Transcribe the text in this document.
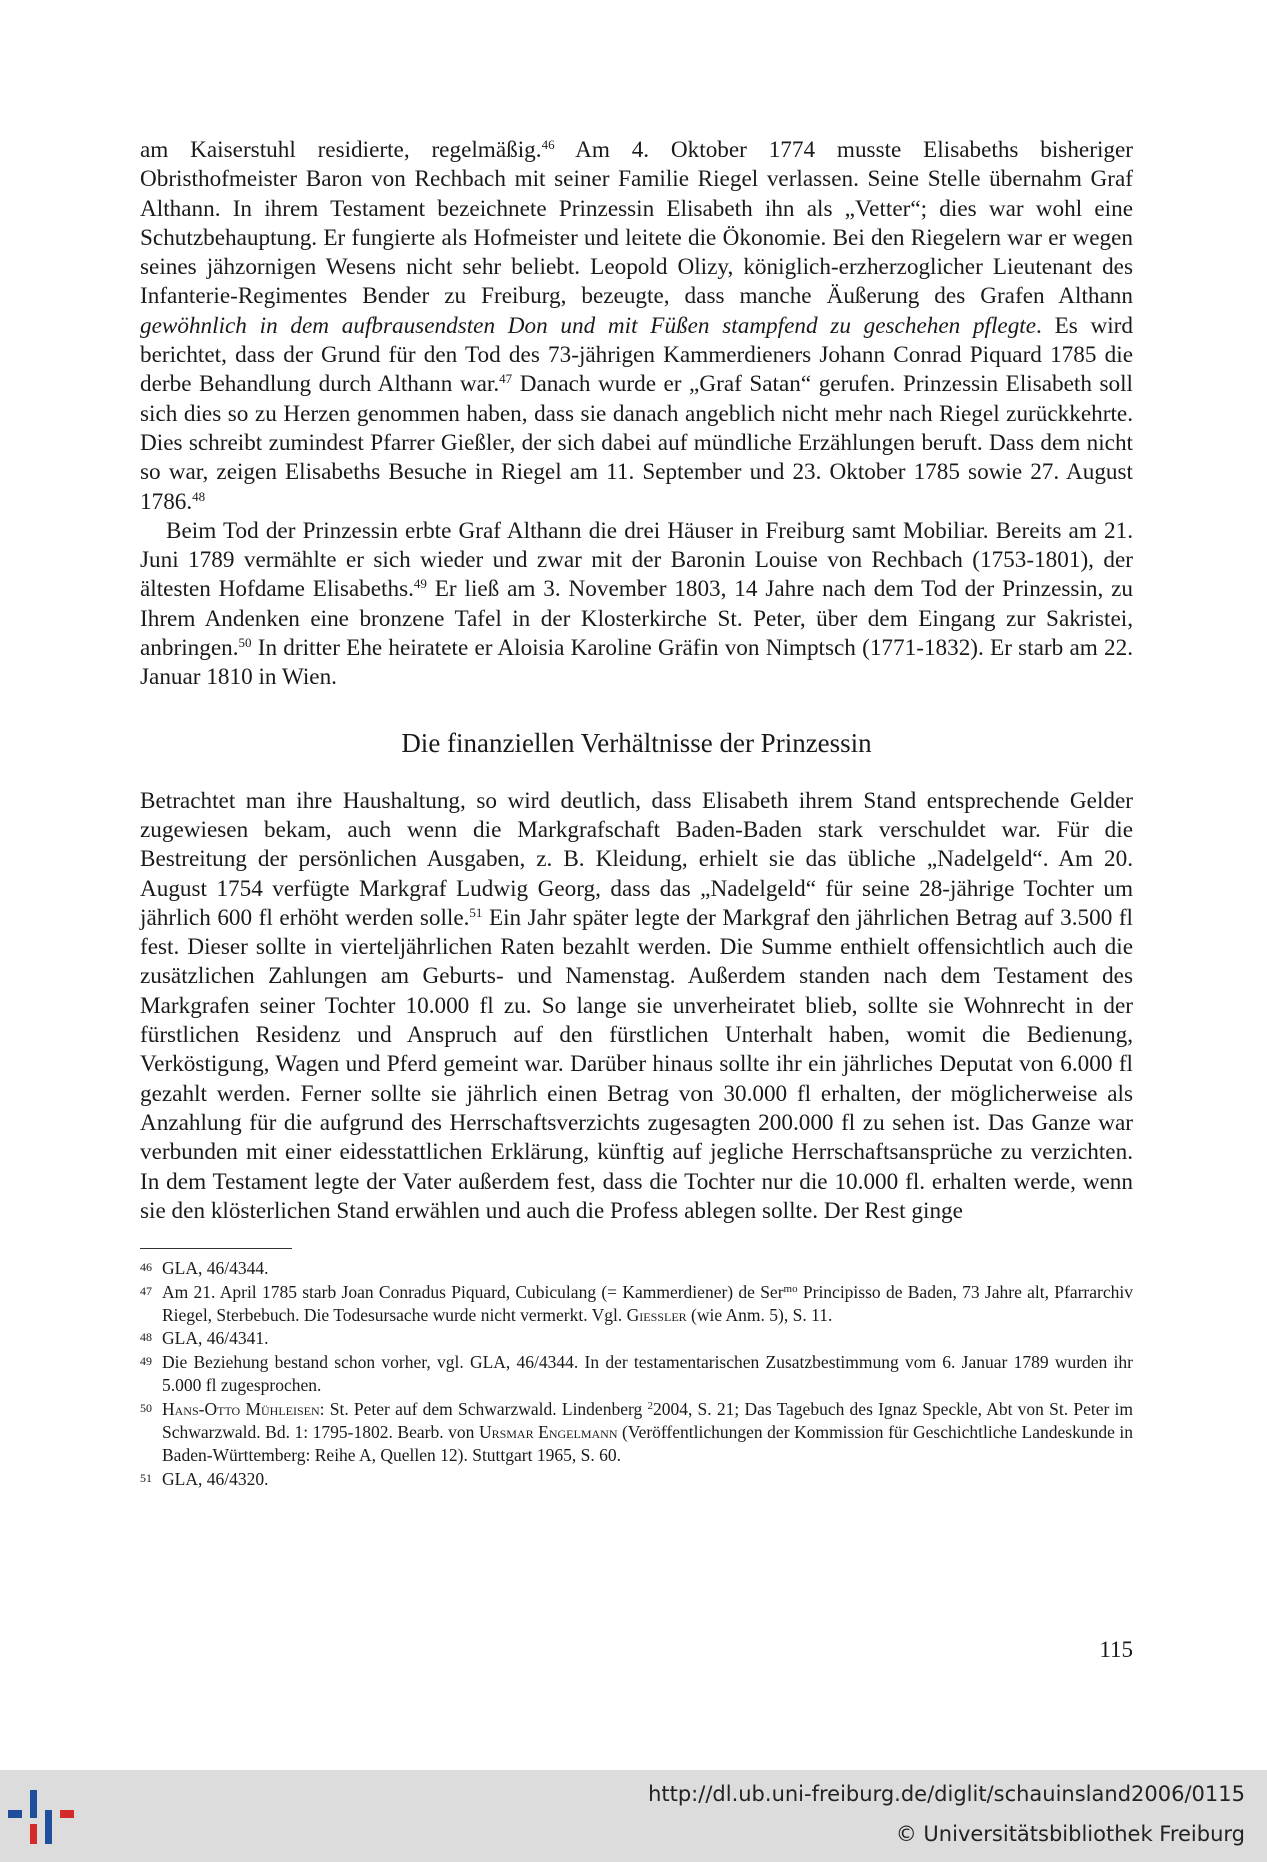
am Kaiserstuhl residierte, regelmäßig.$^{46}$ Am 4. Oktober 1774 musste Elisabeths bisheriger Obristhofmeister Baron von Rechbach mit seiner Familie Riegel verlassen. Seine Stelle übernahm Graf Althann. In ihrem Testament bezeichnete Prinzessin Elisabeth ihn als „Vetter“; dies war wohl eine Schutzbehauptung. Er fungierte als Hofmeister und leitete die Ökonomie. Bei den Riegelern war er wegen seines jähzornigen Wesens nicht sehr beliebt. Leopold Olizy, königlich-erzherzoglicher Lieutenant des Infanterie-Regimentes Bender zu Freiburg, bezeugte, dass manche Äußerung des Grafen Althann gewöhnlich in dem aufbrausendsten Don und mit Füßen stampfend zu geschehen pflegte. Es wird berichtet, dass der Grund für den Tod des 73-jährigen Kammerdieners Johann Conrad Piquard 1785 die derbe Behandlung durch Althann war.$^{47}$ Danach wurde er „Graf Satan“ gerufen. Prinzessin Elisabeth soll sich dies so zu Herzen genommen haben, dass sie danach angeblich nicht mehr nach Riegel zurückkehrte. Dies schreibt zumindest Pfarrer Gießler, der sich dabei auf mündliche Erzählungen beruft. Dass dem nicht so war, zeigen Elisabeths Besuche in Riegel am 11. September und 23. Oktober 1785 sowie 27. August 1786.48

Beim Tod der Prinzessin erbte Graf Althann die drei Häuser in Freiburg samt Mobiliar. Bereits am 21. Juni 1789 vermählte er sich wieder und zwar mit der Baronin Louise von Rechbach (1753-1801), der ältesten Hofdame Elisabeths.$^{49}$ Er ließ am 3. November 1803, 14 Jahre nach dem Tod der Prinzessin, zu Ihrem Andenken eine bronzene Tafel in der Klosterkirche St. Peter, über dem Eingang zur Sakristei, anbringen.$^{50}$ In dritter Ehe heiratete er Aloisia Karoline Gräfin von Nimptsch (1771-1832). Er starb am 22. Januar 1810 in Wien.

Die finanziellen Verhältnisse der Prinzessin

Betrachtet man ihre Haushaltung, so wird deutlich, dass Elisabeth ihrem Stand entsprechende Gelder zugewiesen bekam, auch wenn die Markgrafschaft Baden-Baden stark verschuldet war. Für die Bestreitung der persönlichen Ausgaben, z. B. Kleidung, erhielt sie das übliche „Nadelgeld“. Am 20. August 1754 verfügte Markgraf Ludwig Georg, dass das „Nadelgeld“ für seine 28-jährige Tochter um jährlich 600 fl erhöht werden solle.$^{51}$ Ein Jahr später legte der Markgraf den jährlichen Betrag auf 3.500 fl fest. Dieser sollte in vierteljährlichen Raten bezahlt werden. Die Summe enthielt offensichtlich auch die zusätzlichen Zahlungen am Geburts- und Namenstag. Außerdem standen nach dem Testament des Markgrafen seiner Tochter 10.000 fl zu. So lange sie unverheiratet blieb, sollte sie Wohnrecht in der fürstlichen Residenz und Anspruch auf den fürstlichen Unterhalt haben, womit die Bedienung, Verköstigung, Wagen und Pferd gemeint war. Darüber hinaus sollte ihr ein jährliches Deputat von 6.000 fl gezahlt werden. Ferner sollte sie jährlich einen Betrag von 30.000 fl erhalten, der möglicherweise als Anzahlung für die aufgrund des Herrschaftsverzichts zugesagten 200.000 fl zu sehen ist. Das Ganze war verbunden mit einer eidesstattlichen Erklärung, künftig auf jegliche Herrschaftsansprüche zu verzichten. In dem Testament legte der Vater außerdem fest, dass die Tochter nur die 10.000 fl. erhalten werde, wenn sie den klösterlichen Stand erwählen und auch die Profess ablegen sollte. Der Rest ginge

46 GLA, 46/4344.
47 Am 21. April 1785 starb Joan Conradus Piquard, Cubiculang (= Kammerdiener) de Ser$^{mo}$ Principisso de Baden, 73 Jahre alt, Pfarrarchiv Riegel, Sterbebuch. Die Todesursache wurde nicht vermerkt. Vgl. Giessler (wie Anm. 5), S. 11.
48 GLA, 46/4341.
49 Die Beziehung bestand schon vorher, vgl. GLA, 46/4344. In der testamentarischen Zusatzbestimmung vom 6. Januar 1789 wurden ihr 5.000 fl zugesprochen.
50 Hans-Otto Mühleisen: St. Peter auf dem Schwarzwald. Lindenberg $^2$2004, S. 21; Das Tagebuch des Ignaz Speckle, Abt von St. Peter im Schwarzwald. Bd. 1: 1795-1802. Bearb. von Ursmar Engelmann (Veröffentlichungen der Kommission für Geschichtliche Landeskunde in Baden-Württemberg: Reihe A, Quellen 12). Stuttgart 1965, S. 60.
51 GLA, 46/4320.
115
http://dl.ub.uni-freiburg.de/diglit/schauinsland2006/0115
© Universitätsbibliothek Freiburg
